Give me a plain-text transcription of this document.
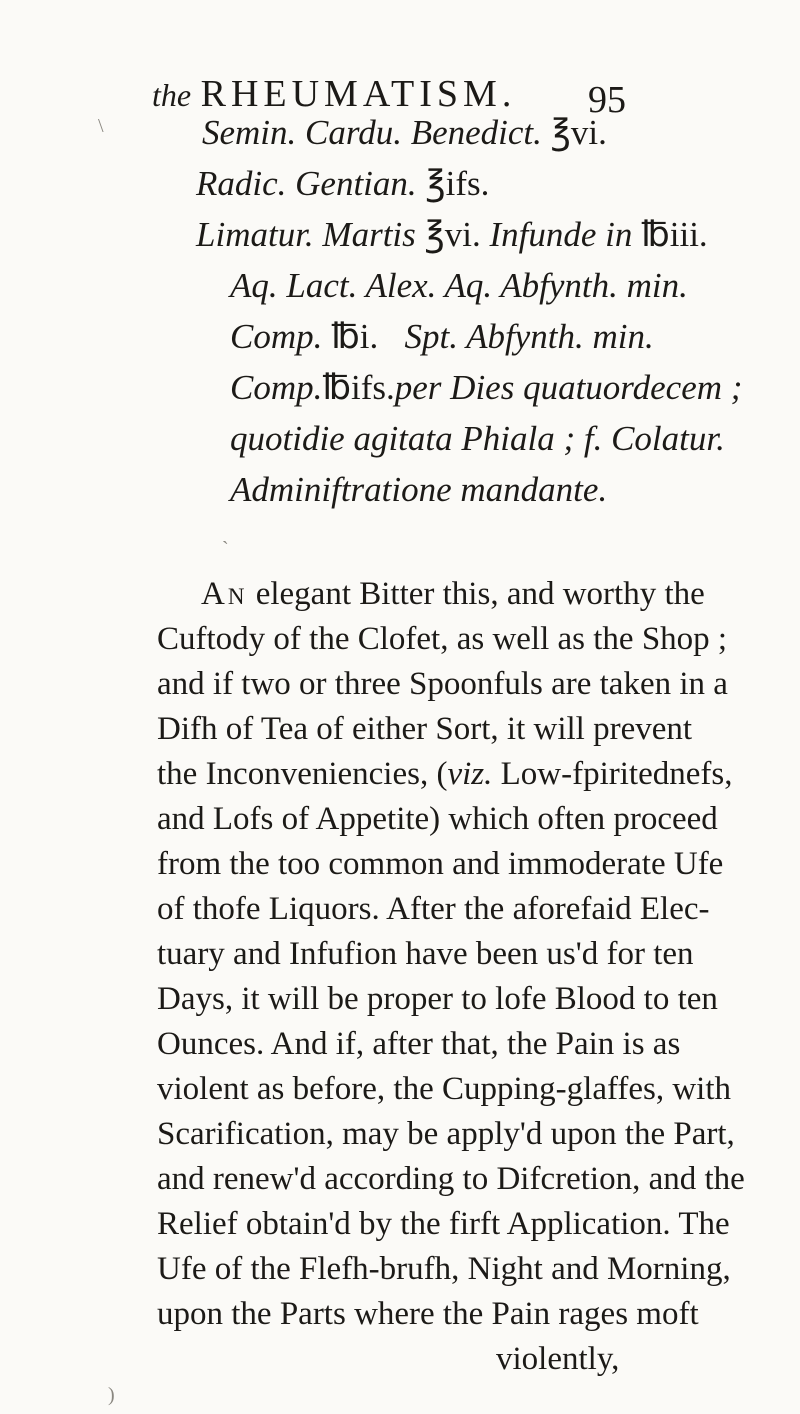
the RHEUMATISM. 95
\	Semin. Cardu. Benedict. ℥vi.
Radic. Gentian. ℥ifs.
Limatur. Martis ℥vi. Infunde in ℔iii.
Aq. Lact. Alex. Aq. Abfynth. min.
Comp. ℔i. Spt. Abfynth. min.
Comp.℔ifs.per Dies quatuordecem ;
quotidie agitata Phiala ; f. Colatur.
Adminiftratione mandante.
`
An elegant Bitter this, and worthy the
Cuftody of the Clofet, as well as the Shop ;
and if two or three Spoonfuls are taken in a
Difh of Tea of either Sort, it will prevent
the Inconveniencies, (viz. Low-fpiritednefs,
and Lofs of Appetite) which often proceed
from the too common and immoderate Ufe
of thofe Liquors. After the aforefaid Elec-
tuary and Infufion have been us'd for ten
Days, it will be proper to lofe Blood to ten
Ounces. And if, after that, the Pain is as
violent as before, the Cupping-glaffes, with
Scarification, may be apply'd upon the Part,
and renew'd according to Difcretion, and the
Relief obtain'd by the firft Application. The
Ufe of the Flefh-brufh, Night and Morning,
upon the Parts where the Pain rages moft
violently,
)
